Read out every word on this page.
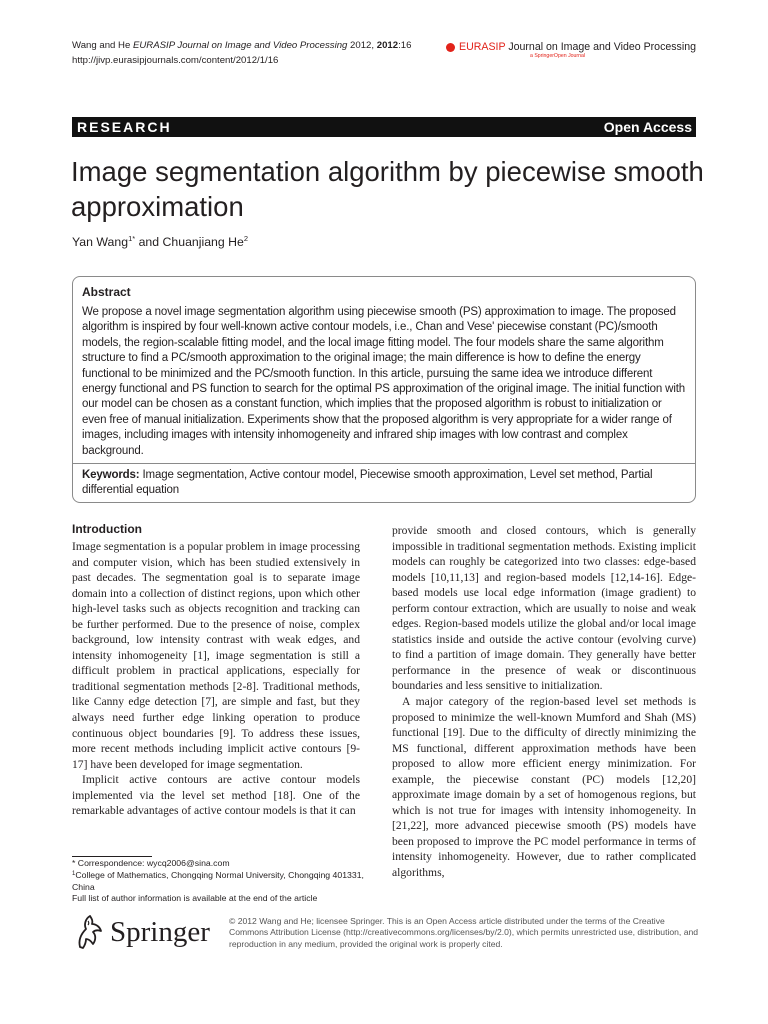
Wang and He EURASIP Journal on Image and Video Processing 2012, 2012:16
http://jivp.eurasipjournals.com/content/2012/1/16
EURASIP Journal on Image and Video Processing
a SpringerOpen Journal
RESEARCH	Open Access
Image segmentation algorithm by piecewise smooth approximation
Yan Wang$^{1*}$ and Chuanjiang He$^2$
Abstract
We propose a novel image segmentation algorithm using piecewise smooth (PS) approximation to image. The proposed algorithm is inspired by four well-known active contour models, i.e., Chan and Vese' piecewise constant (PC)/smooth models, the region-scalable fitting model, and the local image fitting model. The four models share the same algorithm structure to find a PC/smooth approximation to the original image; the main difference is how to define the energy functional to be minimized and the PC/smooth function. In this article, pursuing the same idea we introduce different energy functional and PS function to search for the optimal PS approximation of the original image. The initial function with our model can be chosen as a constant function, which implies that the proposed algorithm is robust to initialization or even free of manual initialization. Experiments show that the proposed algorithm is very appropriate for a wider range of images, including images with intensity inhomogeneity and infrared ship images with low contrast and complex background.
Keywords: Image segmentation, Active contour model, Piecewise smooth approximation, Level set method, Partial differential equation
Introduction

Image segmentation is a popular problem in image processing and computer vision, which has been studied extensively in past decades. The segmentation goal is to separate image domain into a collection of distinct regions, upon which other high-level tasks such as objects recognition and tracking can be further performed. Due to the presence of noise, complex background, low intensity contrast with weak edges, and intensity inhomogeneity [1], image segmentation is still a difficult problem in practical applications, especially for traditional segmentation methods [2-8]. Traditional methods, like Canny edge detection [7], are simple and fast, but they always need further edge linking operation to produce continuous object boundaries [9]. To address these issues, more recent methods including implicit active contours [9-17] have been developed for image segmentation.

Implicit active contours are active contour models implemented via the level set method [18]. One of the remarkable advantages of active contour models is that it can

provide smooth and closed contours, which is generally impossible in traditional segmentation methods. Existing implicit models can roughly be categorized into two classes: edge-based models [10,11,13] and region-based models [12,14-16]. Edge-based models use local edge information (image gradient) to perform contour extraction, which are usually to noise and weak edges. Region-based models utilize the global and/or local image statistics inside and outside the active contour (evolving curve) to find a partition of image domain. They generally have better performance in the presence of weak or discontinuous boundaries and less sensitive to initialization.

A major category of the region-based level set methods is proposed to minimize the well-known Mumford and Shah (MS) functional [19]. Due to the difficulty of directly minimizing the MS functional, different approximation methods have been proposed to allow more efficient energy minimization. For example, the piecewise constant (PC) models [12,20] approximate image domain by a set of homogenous regions, but which is not true for images with intensity inhomogeneity. In [21,22], more advanced piecewise smooth (PS) models have been proposed to improve the PC model performance in terms of intensity inhomogeneity. However, due to rather complicated algorithms,

* Correspondence: wycq2006@sina.com
$^1$College of Mathematics, Chongqing Normal University, Chongqing 401331, China
Full list of author information is available at the end of the article
Springer © 2012 Wang and He; licensee Springer. This is an Open Access article distributed under the terms of the Creative Commons Attribution License (http://creativecommons.org/licenses/by/2.0), which permits unrestricted use, distribution, and reproduction in any medium, provided the original work is properly cited.
